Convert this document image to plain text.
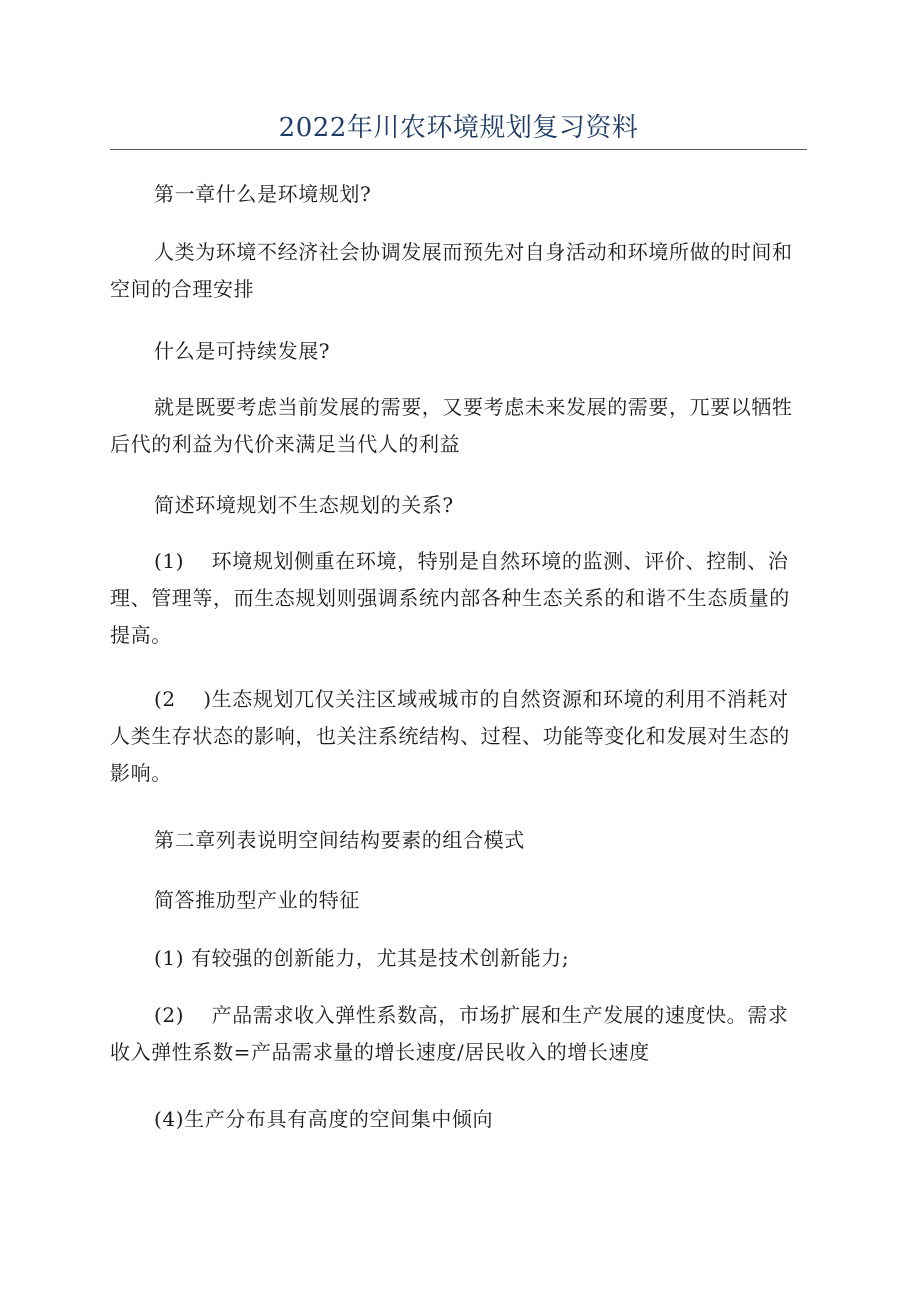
2022年川农环境规划复习资料

第一章什么是环境规划?

人类为环境不经济社会协调发展而预先对自身活动和环境所做的时间和空间的合理安排

什么是可持续发展?

就是既要考虑当前发展的需要，又要考虑未来发展的需要，兀要以牺牲后代的利益为代价来满足当代人的利益

简述环境规划不生态规划的关系?

(1)　 环境规划侧重在环境，特别是自然环境的监测、评价、控制、治理、管理等，而生态规划则强调系统内部各种生态关系的和谐不生态质量的提高。

(2　 )生态规划兀仅关注区域戒城市的自然资源和环境的利用不消耗对人类生存状态的影响，也关注系统结构、过程、功能等变化和发展对生态的影响。

第二章列表说明空间结构要素的组合模式

简答推劢型产业的特征

(1) 有较强的创新能力，尤其是技术创新能力;

(2)　 产品需求收入弹性系数高，市场扩展和生产发展的速度快。需求收入弹性系数=产品需求量的增长速度/居民收入的增长速度

(4)生产分布具有高度的空间集中倾向
